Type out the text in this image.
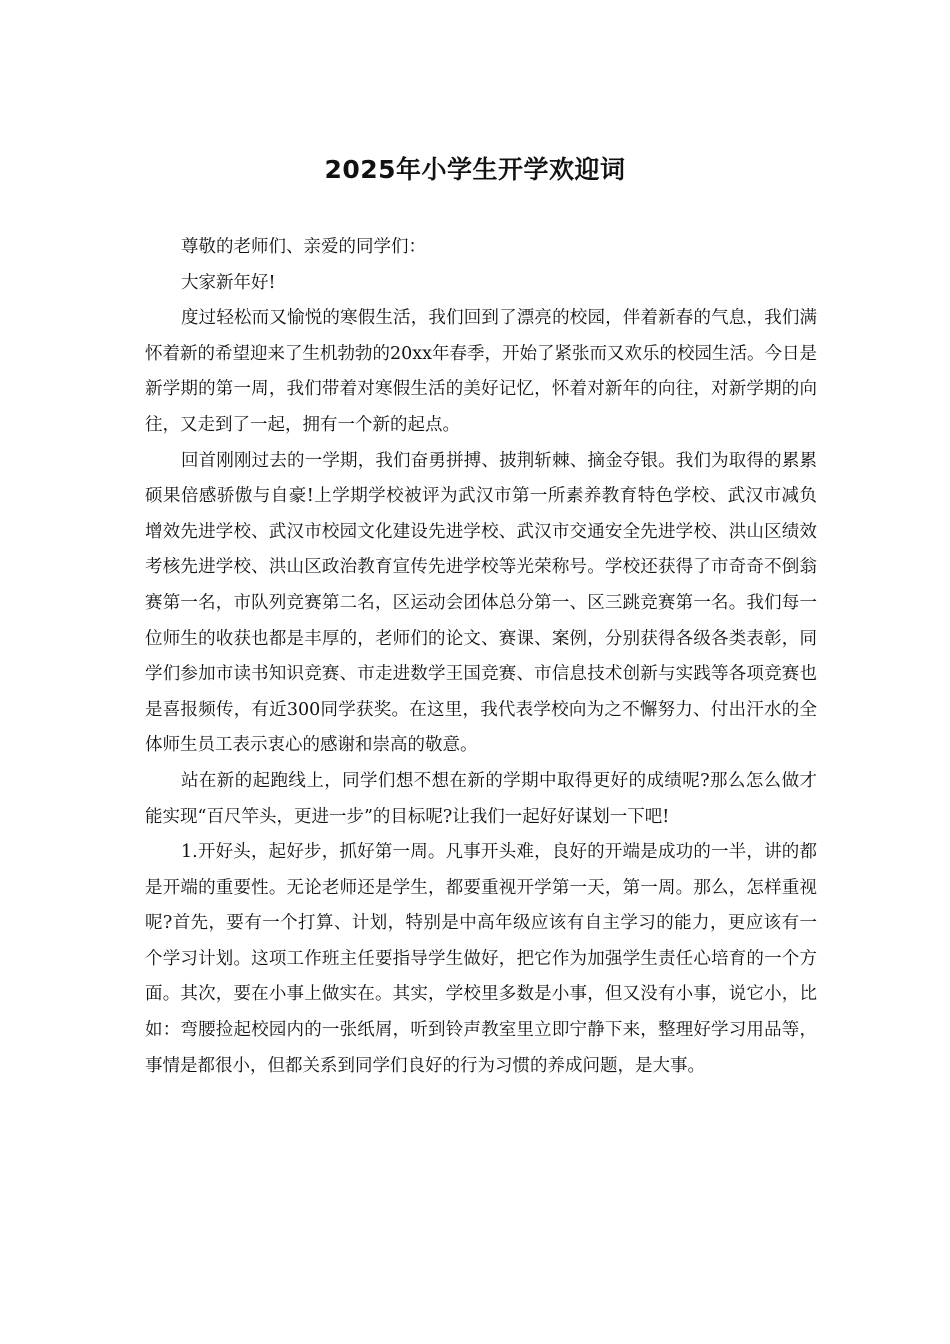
2025年小学生开学欢迎词

尊敬的老师们、亲爱的同学们：

大家新年好!

度过轻松而又愉悦的寒假生活，我们回到了漂亮的校园，伴着新春的气息，我们满怀着新的希望迎来了生机勃勃的20xx年春季，开始了紧张而又欢乐的校园生活。今日是新学期的第一周，我们带着对寒假生活的美好记忆，怀着对新年的向往，对新学期的向往，又走到了一起，拥有一个新的起点。

回首刚刚过去的一学期，我们奋勇拼搏、披荆斩棘、摘金夺银。我们为取得的累累硕果倍感骄傲与自豪!上学期学校被评为武汉市第一所素养教育特色学校、武汉市减负增效先进学校、武汉市校园文化建设先进学校、武汉市交通安全先进学校、洪山区绩效考核先进学校、洪山区政治教育宣传先进学校等光荣称号。学校还获得了市奇奇不倒翁赛第一名，市队列竞赛第二名，区运动会团体总分第一、区三跳竞赛第一名。我们每一位师生的收获也都是丰厚的，老师们的论文、赛课、案例，分别获得各级各类表彰，同学们参加市读书知识竞赛、市走进数学王国竞赛、市信息技术创新与实践等各项竞赛也是喜报频传，有近300同学获奖。在这里，我代表学校向为之不懈努力、付出汗水的全体师生员工表示衷心的感谢和崇高的敬意。

站在新的起跑线上，同学们想不想在新的学期中取得更好的成绩呢?那么怎么做才能实现“百尺竿头，更进一步”的目标呢?让我们一起好好谋划一下吧!

1.开好头，起好步，抓好第一周。凡事开头难，良好的开端是成功的一半，讲的都是开端的重要性。无论老师还是学生，都要重视开学第一天，第一周。那么，怎样重视呢?首先，要有一个打算、计划，特别是中高年级应该有自主学习的能力，更应该有一个学习计划。这项工作班主任要指导学生做好，把它作为加强学生责任心培育的一个方面。其次，要在小事上做实在。其实，学校里多数是小事，但又没有小事，说它小，比如：弯腰捡起校园内的一张纸屑，听到铃声教室里立即宁静下来，整理好学习用品等，事情是都很小，但都关系到同学们良好的行为习惯的养成问题，是大事。
